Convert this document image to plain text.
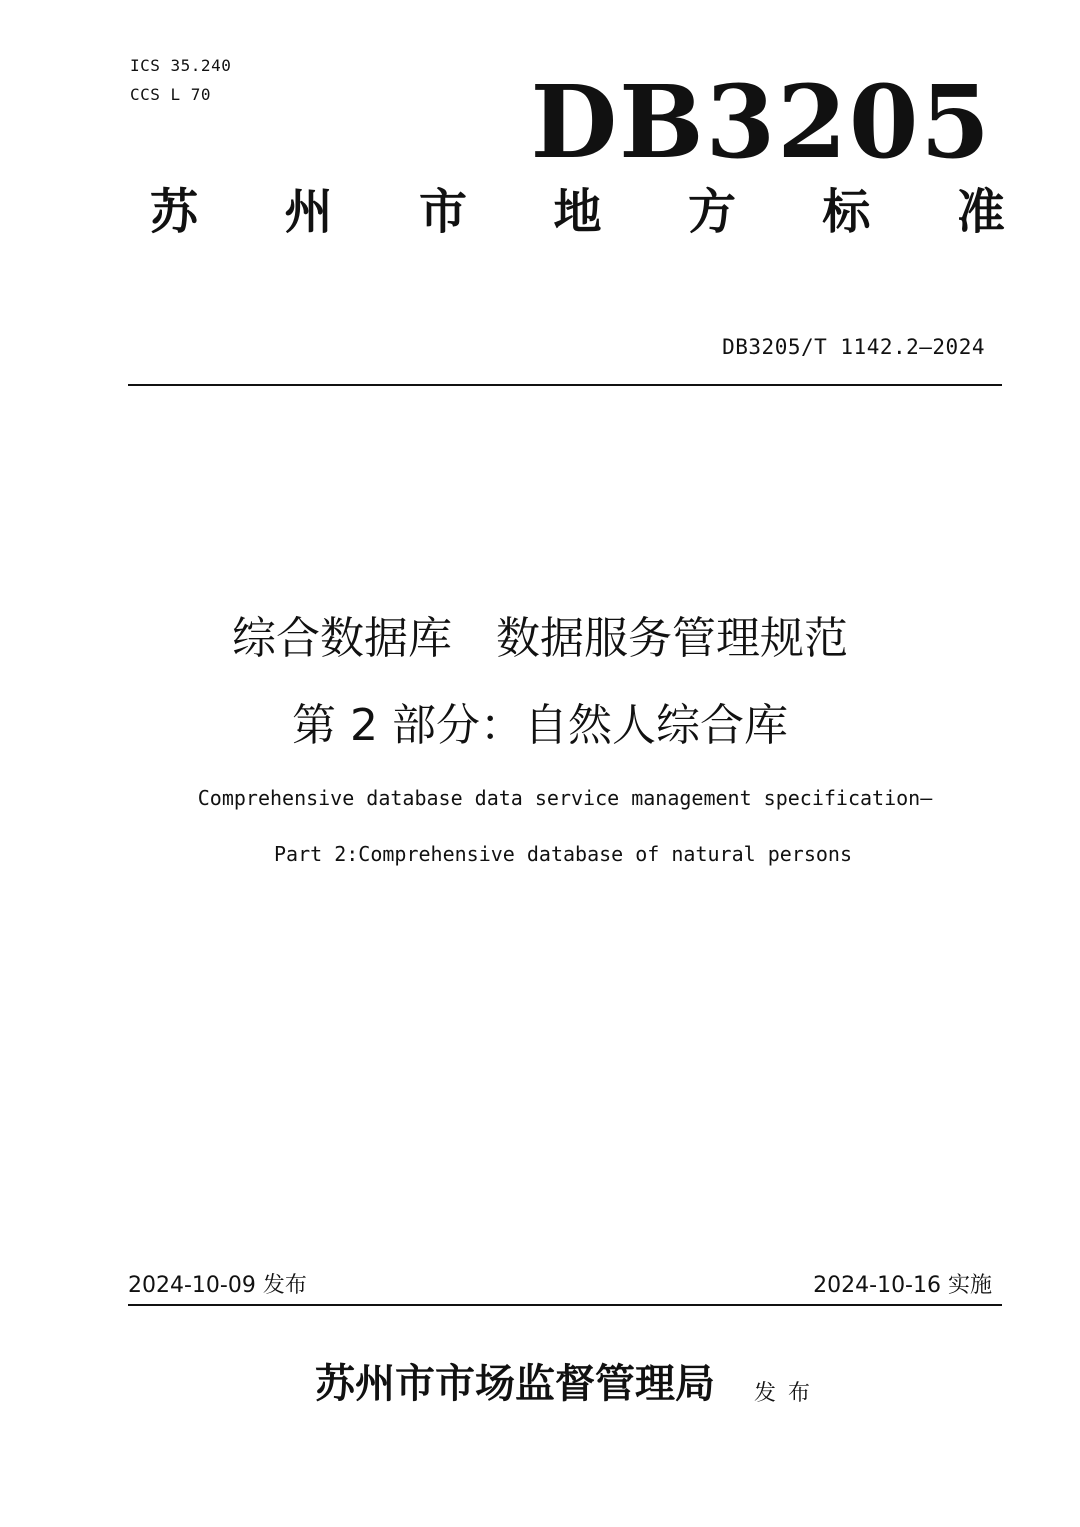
ICS 35.240
CCS L 70	DB3205
苏 州 市 地 方 标 准
DB3205/T 1142.2—2024
综合数据库　数据服务管理规范
第 2 部分：自然人综合库
Comprehensive database data service management specification—
Part 2:Comprehensive database of natural persons
2024-10-09 发布	2024-10-16 实施
苏州市市场监督管理局 发布
